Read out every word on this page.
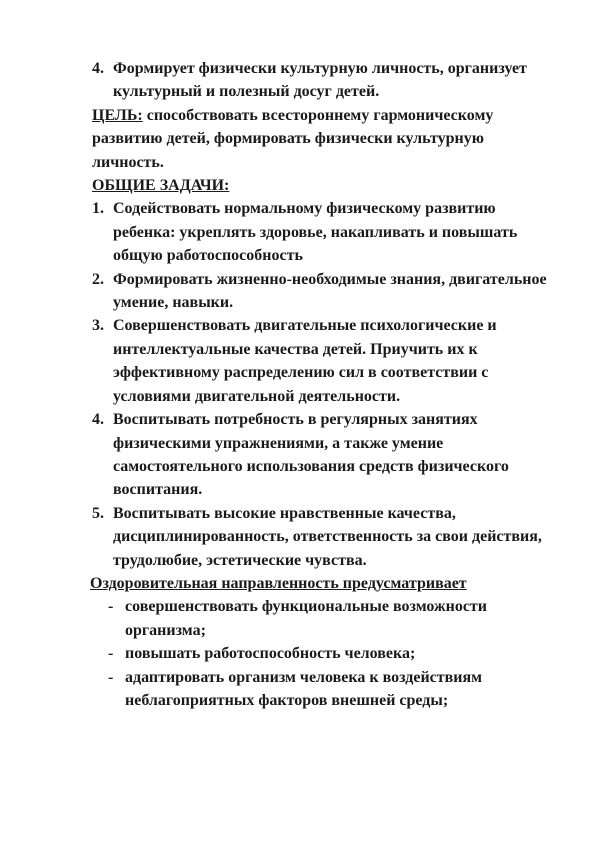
4. Формирует физически культурную личность, организует культурный и полезный досуг детей.

ЦЕЛЬ: способствовать всестороннему гармоническому развитию детей, формировать физически культурную личность.

ОБЩИЕ ЗАДАЧИ:

1. Содействовать нормальному физическому развитию ребенка: укреплять здоровье, накапливать и повышать общую работоспособность
2. Формировать жизненно-необходимые знания, двигательное умение, навыки.
3. Совершенствовать двигательные психологические и интеллектуальные качества детей. Приучить их к эффективному распределению сил в соответствии с условиями двигательной деятельности.
4. Воспитывать потребность в регулярных занятиях физическими упражнениями, а также умение самостоятельного использования средств физического воспитания.
5. Воспитывать высокие нравственные качества, дисциплинированность, ответственность за свои действия, трудолюбие, эстетические чувства.

Оздоровительная направленность предусматривает

- совершенствовать функциональные возможности организма;
- повышать работоспособность человека;
- адаптировать организм человека к воздействиям неблагоприятных факторов внешней среды;
